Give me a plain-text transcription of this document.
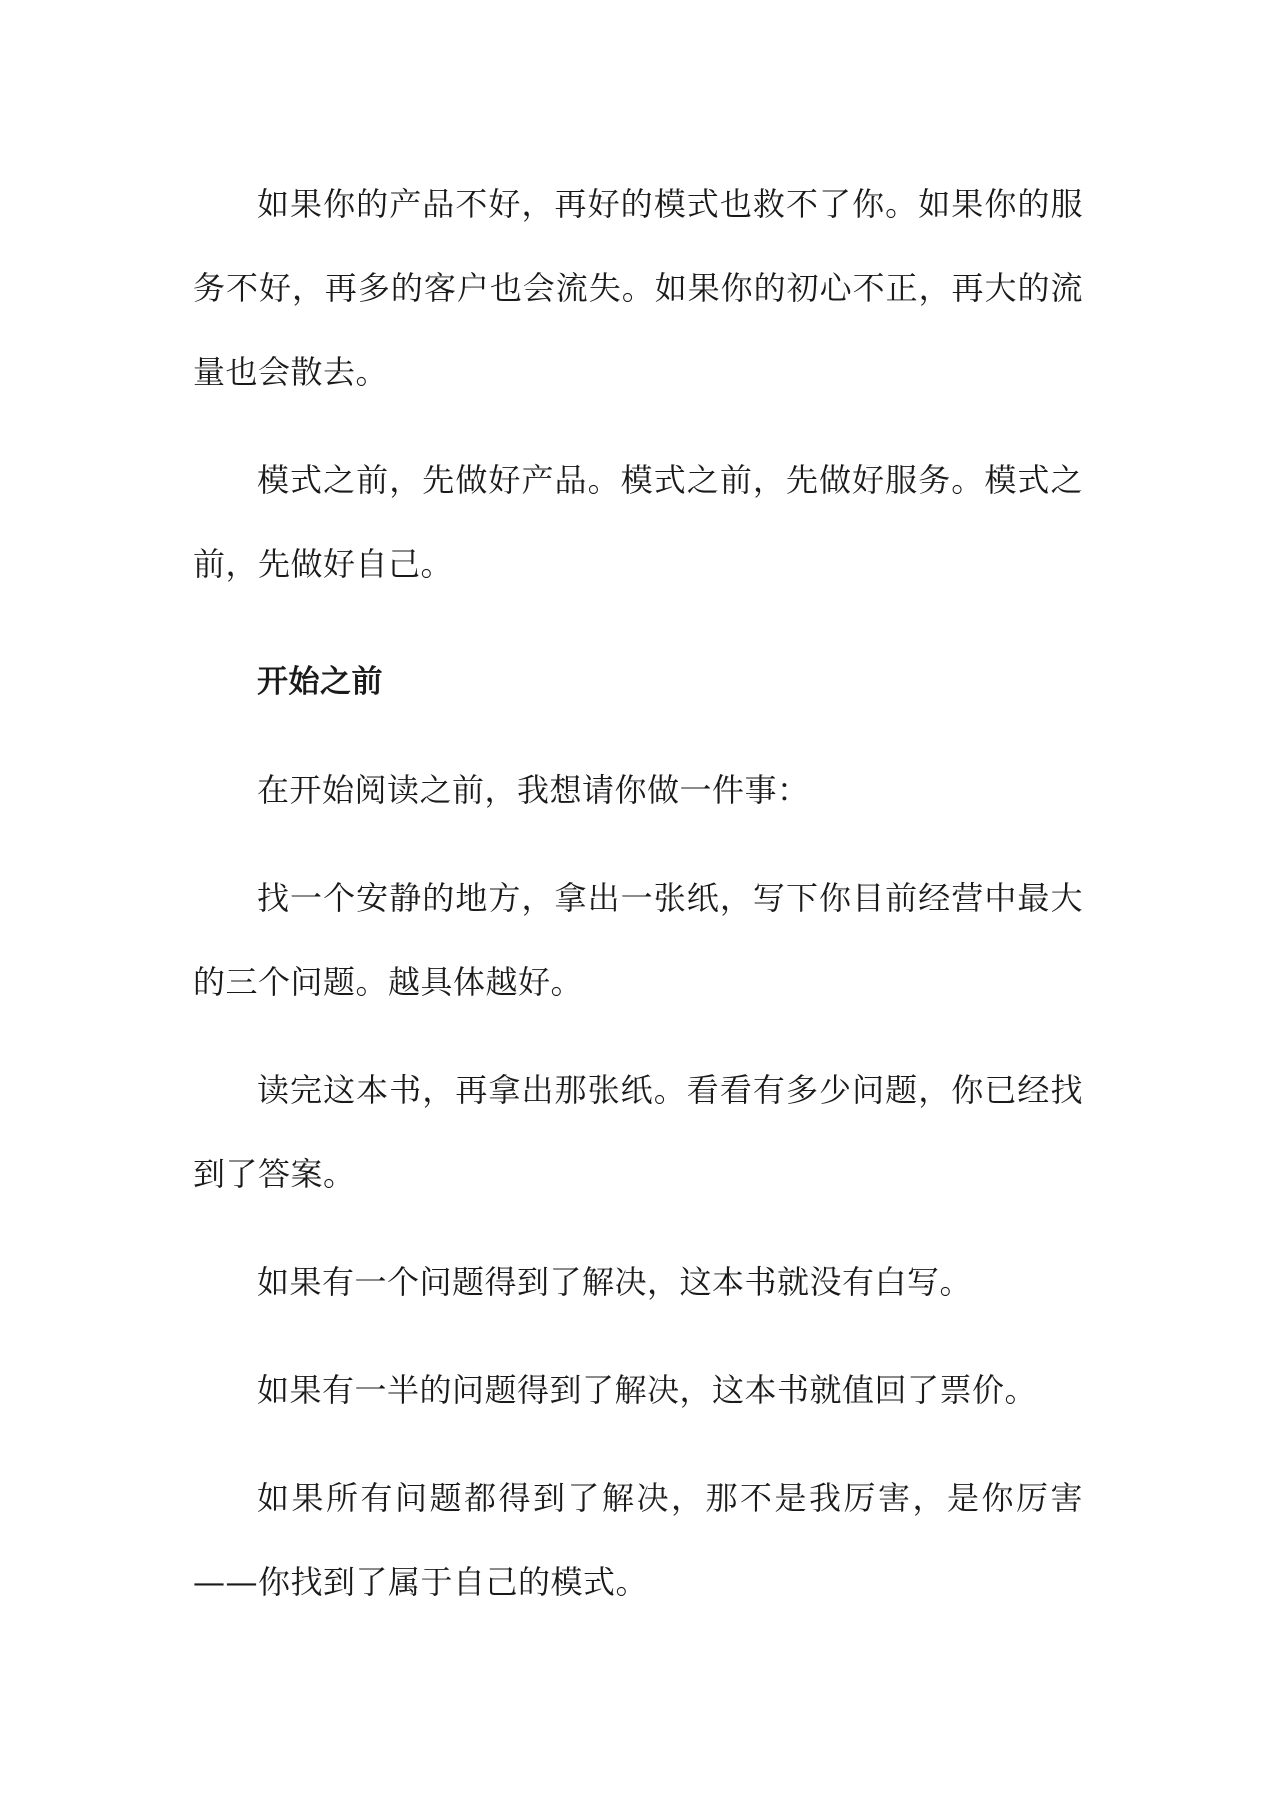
如果你的产品不好，再好的模式也救不了你。如果你的服务不好，再多的客户也会流失。如果你的初心不正，再大的流量也会散去。

模式之前，先做好产品。模式之前，先做好服务。模式之前，先做好自己。

开始之前

在开始阅读之前，我想请你做一件事：

找一个安静的地方，拿出一张纸，写下你目前经营中最大的三个问题。越具体越好。

读完这本书，再拿出那张纸。看看有多少问题，你已经找到了答案。

如果有一个问题得到了解决，这本书就没有白写。

如果有一半的问题得到了解决，这本书就值回了票价。

如果所有问题都得到了解决，那不是我厉害，是你厉害——你找到了属于自己的模式。
